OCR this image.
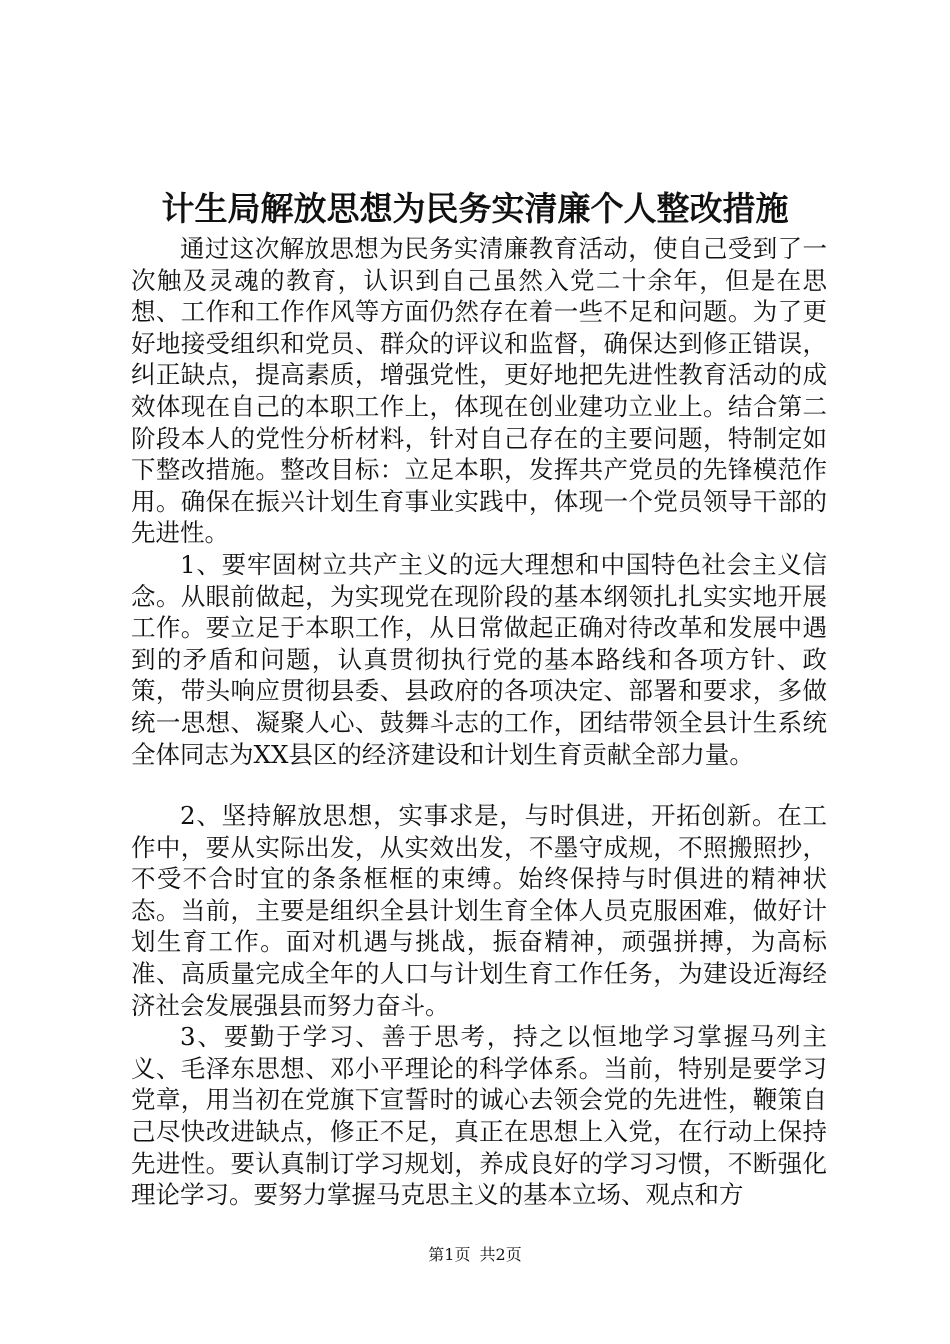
计生局解放思想为民务实清廉个人整改措施

通过这次解放思想为民务实清廉教育活动，使自己受到了一次触及灵魂的教育，认识到自己虽然入党二十余年，但是在思想、工作和工作作风等方面仍然存在着一些不足和问题。为了更好地接受组织和党员、群众的评议和监督，确保达到修正错误，纠正缺点，提高素质，增强党性，更好地把先进性教育活动的成效体现在自己的本职工作上，体现在创业建功立业上。结合第二阶段本人的党性分析材料，针对自己存在的主要问题，特制定如下整改措施。整改目标：立足本职，发挥共产党员的先锋模范作用。确保在振兴计划生育事业实践中，体现一个党员领导干部的先进性。

1、要牢固树立共产主义的远大理想和中国特色社会主义信念。从眼前做起，为实现党在现阶段的基本纲领扎扎实实地开展工作。要立足于本职工作，从日常做起正确对待改革和发展中遇到的矛盾和问题，认真贯彻执行党的基本路线和各项方针、政策，带头响应贯彻县委、县政府的各项决定、部署和要求，多做统一思想、凝聚人心、鼓舞斗志的工作，团结带领全县计生系统全体同志为XX县区的经济建设和计划生育贡献全部力量。

2、坚持解放思想，实事求是，与时俱进，开拓创新。在工作中，要从实际出发，从实效出发，不墨守成规，不照搬照抄，不受不合时宜的条条框框的束缚。始终保持与时俱进的精神状态。当前，主要是组织全县计划生育全体人员克服困难，做好计划生育工作。面对机遇与挑战，振奋精神，顽强拼搏，为高标准、高质量完成全年的人口与计划生育工作任务，为建设近海经济社会发展强县而努力奋斗。

3、要勤于学习、善于思考，持之以恒地学习掌握马列主义、毛泽东思想、邓小平理论的科学体系。当前，特别是要学习党章，用当初在党旗下宣誓时的诚心去领会党的先进性，鞭策自己尽快改进缺点，修正不足，真正在思想上入党，在行动上保持先进性。要认真制订学习规划，养成良好的学习习惯，不断强化理论学习。要努力掌握马克思主义的基本立场、观点和方

第1页 共2页
